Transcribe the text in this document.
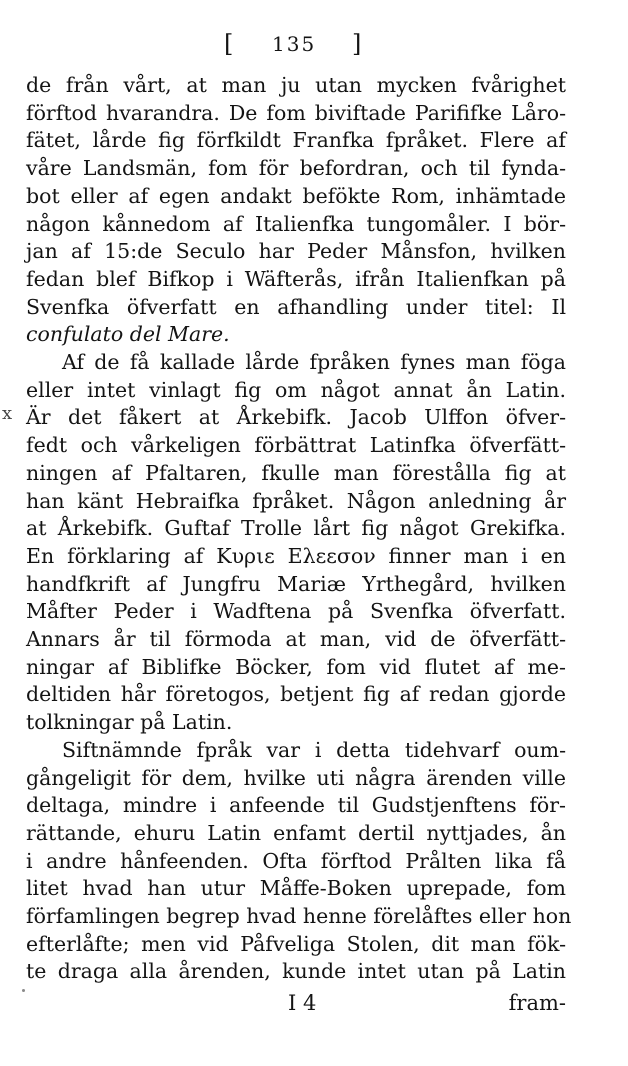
[ 135 ]
x
de från vårt, at man ju utan mycken fvårighet
förftod hvarandra. De fom biviftade Parififke Låro-
fätet, lårde fig förfkildt Franfka fpråket. Flere af
våre Landsmän, fom för befordran, och til fynda-
bot eller af egen andakt befökte Rom, inhämtade
någon kånnedom af Italienfka tungomåler. I bör-
jan af 15:de Seculo har Peder Månsfon, hvilken
fedan blef Bifkop i Wäfterås, ifrån Italienfkan på
Svenfka öfverfatt en afhandling under titel: Il
confulato del Mare.
Af de få kallade lårde fpråken fynes man föga
eller intet vinlagt fig om något annat ån Latin.
Är det fåkert at Årkebifk. Jacob Ulffon öfver-
fedt och vårkeligen förbättrat Latinfka öfverfätt-
ningen af Pfaltaren, fkulle man förestålla fig at
han känt Hebraifka fpråket. Någon anledning år
at Årkebifk. Guftaf Trolle lårt fig något Grekifka.
En förklaring af Κυριε Ελεεσον finner man i en
handfkrift af Jungfru Mariæ Yrthegård, hvilken
Måfter Peder i Wadftena på Svenfka öfverfatt.
Annars år til förmoda at man, vid de öfverfätt-
ningar af Biblifke Böcker, fom vid flutet af me-
deltiden hår företogos, betjent fig af redan gjorde
tolkningar på Latin.
Siftnämnde fpråk var i detta tidehvarf oum-
gångeligit för dem, hvilke uti några ärenden ville
deltaga, mindre i anfeende til Gudstjenftens för-
rättande, ehuru Latin enfamt dertil nyttjades, ån
i andre hånfeenden. Ofta förftod Prålten lika få
litet hvad han utur Måffe-Boken uprepade, fom
förfamlingen begrep hvad henne förelåftes eller hon
efterlåfte; men vid Påfveliga Stolen, dit man fök-
te draga alla årenden, kunde intet utan på Latin
I 4	fram-
